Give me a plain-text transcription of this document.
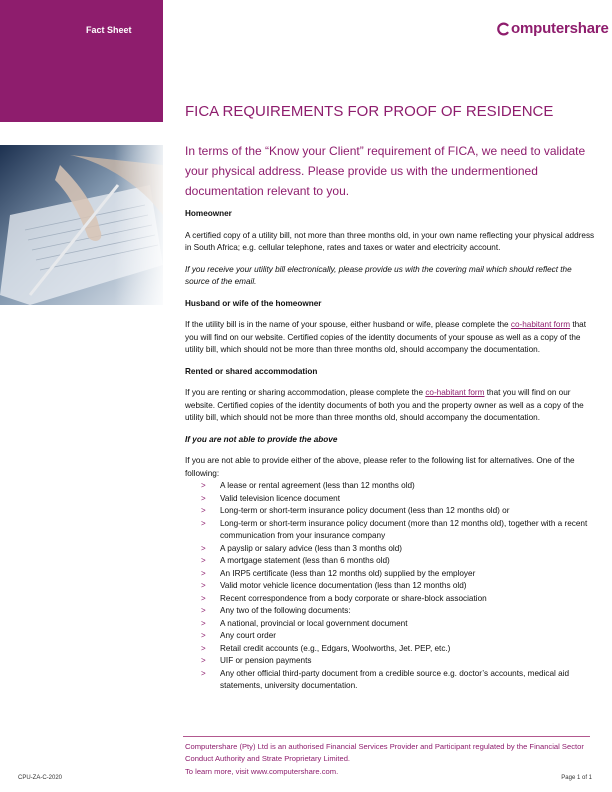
Fact Sheet	omputershare
FICA REQUIREMENTS FOR PROOF OF RESIDENCE

In terms of the “Know your Client” requirement of FICA, we need to validate your physical address. Please provide us with the undermentioned documentation relevant to you.

Homeowner

A certified copy of a utility bill, not more than three months old, in your own name reflecting your physical address in South Africa; e.g. cellular telephone, rates and taxes or water and electricity account.

If you receive your utility bill electronically, please provide us with the covering mail which should reflect the source of the email.

Husband or wife of the homeowner

If the utility bill is in the name of your spouse, either husband or wife, please complete the co-habitant form that you will find on our website. Certified copies of the identity documents of your spouse as well as a copy of the utility bill, which should not be more than three months old, should accompany the documentation.

Rented or shared accommodation

If you are renting or sharing accommodation, please complete the co-habitant form that you will find on our website. Certified copies of the identity documents of both you and the property owner as well as a copy of the utility bill, which should not be more than three months old, should accompany the documentation.

If you are not able to provide the above

If you are not able to provide either of the above, please refer to the following list for alternatives. One of the following:

> A lease or rental agreement (less than 12 months old)
> Valid television licence document
> Long-term or short-term insurance policy document (less than 12 months old) or
> Long-term or short-term insurance policy document (more than 12 months old), together with a recent communication from your insurance company
> A payslip or salary advice (less than 3 months old)
> A mortgage statement (less than 6 months old)
> An IRP5 certificate (less than 12 months old) supplied by the employer
> Valid motor vehicle licence documentation (less than 12 months old)
> Recent correspondence from a body corporate or share-block association
> Any two of the following documents:
> A national, provincial or local government document
> Any court order
> Retail credit accounts (e.g., Edgars, Woolworths, Jet. PEP, etc.)
> UIF or pension payments
> Any other official third-party document from a credible source e.g. doctor’s accounts, medical aid statements, university documentation.

Computershare (Pty) Ltd is an authorised Financial Services Provider and Participant regulated by the Financial Sector Conduct Authority and Strate Proprietary Limited.

To learn more, visit www.computershare.com.

CPU-ZA-C-2020	Page 1 of 1
